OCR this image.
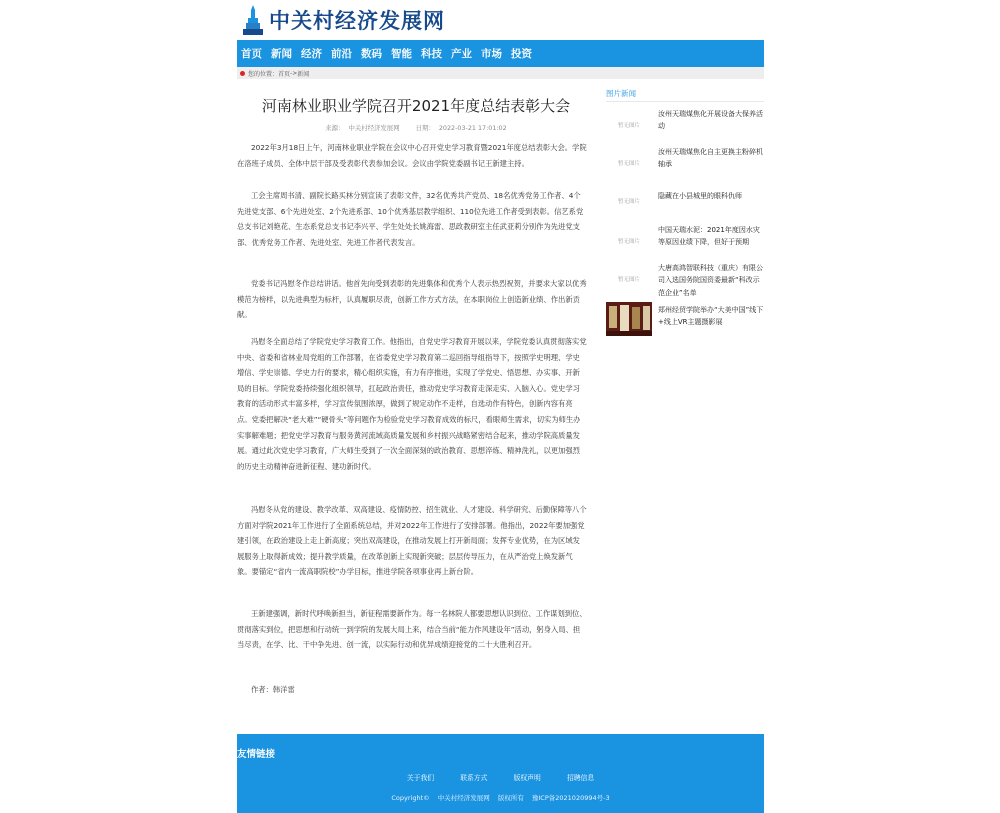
中关村经济发展网
首页 新闻 经济 前沿 数码 智能 科技 产业 市场 投资
您的位置： 首页 -> 新闻
河南林业职业学院召开2021年度总结表彰大会
来源： 中关村经济发展网	日期： 2022-03-21 17:01:02
2022年3月18日上午，河南林业职业学院在会议中心召开党史学习教育暨2021年度总结表彰大会。学院在洛班子成员、全体中层干部及受表彰代表参加会议。会议由学院党委副书记王新建主持。
工会主席周书清、副院长路买林分别宣读了表彰文件，32名优秀共产党员、18名优秀党务工作者、4个先进党支部、6个先进处室、2个先进系部、10个优秀基层教学组织、110位先进工作者受到表彰。信艺系党总支书记刘艳花、生态系党总支书记李兴平、学生处处长姚海雷、思政教研室主任武亚莉分别作为先进党支部、优秀党务工作者、先进处室、先进工作者代表发言。
党委书记冯慰冬作总结讲话。他首先向受到表彰的先进集体和优秀个人表示热烈祝贺，并要求大家以优秀模范为榜样，以先进典型为标杆，认真履职尽责，创新工作方式方法，在本职岗位上创造新业绩、作出新贡献。
冯慰冬全面总结了学院党史学习教育工作。他指出，自党史学习教育开展以来，学院党委认真贯彻落实党中央、省委和省林业局党组的工作部署，在省委党史学习教育第二巡回指导组指导下，按照学史明理、学史增信、学史崇德、学史力行的要求，精心组织实施，有力有序推进，实现了学党史、悟思想、办实事、开新局的目标。学院党委持续强化组织领导，扛起政治责任，推动党史学习教育走深走实、入脑入心。党史学习教育的活动形式丰富多样，学习宣传氛围浓厚，做到了规定动作不走样，自选动作有特色，创新内容有亮点。党委把解决“老大难”“硬骨头”等问题作为检验党史学习教育成效的标尺，看眼师生需求，切实为师生办实事解难题；把党史学习教育与服务黄河流域高质量发展和乡村振兴战略紧密结合起来，推动学院高质量发展。通过此次党史学习教育，广大师生受到了一次全面深刻的政治教育、思想淬炼、精神洗礼，以更加强烈的历史主动精神奋进新征程、建功新时代。
冯慰冬从党的建设、教学改革、双高建设、疫情防控、招生就业、人才建设、科学研究、后勤保障等八个方面对学院2021年工作进行了全面系统总结，并对2022年工作进行了安排部署。他指出，2022年要加强党建引领，在政治建设上走上新高度；突出双高建设，在推动发展上打开新局面；发挥专业优势，在为区域发展服务上取得新成效；提升教学质量，在改革创新上实现新突破；层层传导压力，在从严治党上焕发新气象。要锚定“省内一流高职院校”办学目标，推进学院各项事业再上新台阶。
王新建强调，新时代呼唤新担当，新征程需要新作为。每一名林院人都要思想认识到位、工作谋划到位、贯彻落实到位，把思想和行动统一到学院的发展大局上来，结合当前“能力作风建设年”活动，躬身入局、担当尽责，在学、比、干中争先进、创一流，以实际行动和优异成绩迎接党的二十大胜利召开。
作者：韩洋雷
图片新闻
暂无图片
汝州天瑞煤焦化开展设备大保养活动
暂无图片
汝州天瑞煤焦化自主更换主粉碎机轴承
暂无图片
隐藏在小县城里的眼科仇师
暂无图片
中国天瑞水泥：2021年度因水灾等原因业绩下降，但好于预期
暂无图片
大唐高鸿智联科技（重庆）有限公司入选国务院国资委最新“科改示范企业”名单
郑州经贸学院举办“大美中国”线下+线上VR主题摄影展
友情链接
关于我们	联系方式	版权声明	招聘信息
Copyright© 中关村经济发展网 版权所有 豫ICP备2021020994号-3
